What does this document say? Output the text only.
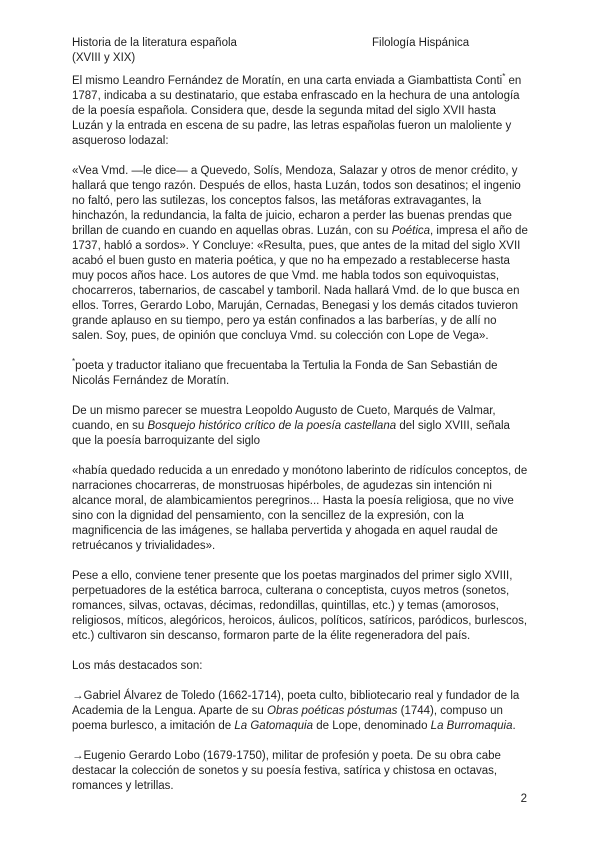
Historia de la literatura española
(XVIII y XIX)
Filología Hispánica

El mismo Leandro Fernández de Moratín, en una carta enviada a Giambattista Conti* en 1787, indicaba a su destinatario, que estaba enfrascado en la hechura de una antología de la poesía española. Considera que, desde la segunda mitad del siglo XVII hasta Luzán y la entrada en escena de su padre, las letras españolas fueron un maloliente y asqueroso lodazal:

«Vea Vmd. —le dice— a Quevedo, Solís, Mendoza, Salazar y otros de menor crédito, y hallará que tengo razón. Después de ellos, hasta Luzán, todos son desatinos; el ingenio no faltó, pero las sutilezas, los conceptos falsos, las metáforas extravagantes, la hinchazón, la redundancia, la falta de juicio, echaron a perder las buenas prendas que brillan de cuando en cuando en aquellas obras. Luzán, con su Poética, impresa el año de 1737, habló a sordos». Y Concluye: «Resulta, pues, que antes de la mitad del siglo XVII acabó el buen gusto en materia poética, y que no ha empezado a restablecerse hasta muy pocos años hace. Los autores de que Vmd. me habla todos son equivoquistas, chocarreros, tabernarios, de cascabel y tamboril. Nada hallará Vmd. de lo que busca en ellos. Torres, Gerardo Lobo, Maruján, Cernadas, Benegasi y los demás citados tuvieron grande aplauso en su tiempo, pero ya están confinados a las barberías, y de allí no salen. Soy, pues, de opinión que concluya Vmd. su colección con Lope de Vega».

*poeta y traductor italiano que frecuentaba la Tertulia la Fonda de San Sebastián de Nicolás Fernández de Moratín.

De un mismo parecer se muestra Leopoldo Augusto de Cueto, Marqués de Valmar, cuando, en su Bosquejo histórico crítico de la poesía castellana del siglo XVIII, señala que la poesía barroquizante del siglo

«había quedado reducida a un enredado y monótono laberinto de ridículos conceptos, de narraciones chocarreras, de monstruosas hipérboles, de agudezas sin intención ni alcance moral, de alambicamientos peregrinos... Hasta la poesía religiosa, que no vive sino con la dignidad del pensamiento, con la sencillez de la expresión, con la magnificencia de las imágenes, se hallaba pervertida y ahogada en aquel raudal de retruécanos y trivialidades».

Pese a ello, conviene tener presente que los poetas marginados del primer siglo XVIII, perpetuadores de la estética barroca, culterana o conceptista, cuyos metros (sonetos, romances, silvas, octavas, décimas, redondillas, quintillas, etc.) y temas (amorosos, religiosos, míticos, alegóricos, heroicos, áulicos, políticos, satíricos, paródicos, burlescos, etc.) cultivaron sin descanso, formaron parte de la élite regeneradora del país.

Los más destacados son:

→Gabriel Álvarez de Toledo (1662-1714), poeta culto, bibliotecario real y fundador de la Academia de la Lengua. Aparte de su Obras poéticas póstumas (1744), compuso un poema burlesco, a imitación de La Gatomaquia de Lope, denominado La Burromaquia.

→Eugenio Gerardo Lobo (1679-1750), militar de profesión y poeta. De su obra cabe destacar la colección de sonetos y su poesía festiva, satírica y chistosa en octavas, romances y letrillas.

2
